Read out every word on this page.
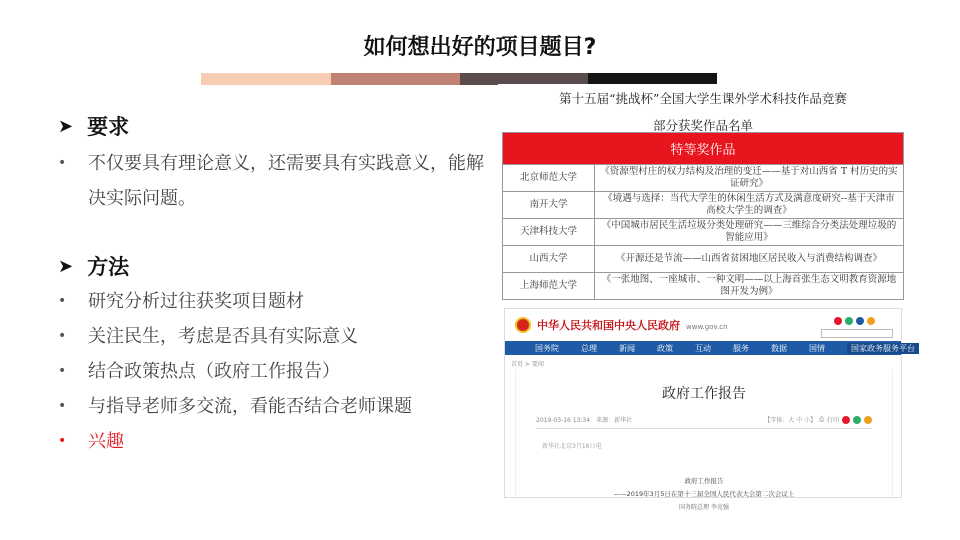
如何想出好的项目题目?
➤ 要求
• 不仅要具有理论意义，还需要具有实践意义，能解决实际问题。
➤ 方法
• 研究分析过往获奖项目题材
• 关注民生，考虑是否具有实际意义
• 结合政策热点（政府工作报告）
• 与指导老师多交流，看能否结合老师课题
• 兴趣
第十五届“挑战杯”全国大学生课外学术科技作品竞赛
部分获奖作品名单
特等奖作品	
北京师范大学	《资源型村庄的权力结构及治理的变迁——基于对山西省 T 村历史的实证研究》
南开大学	《境遇与选择：当代大学生的休闲生活方式及满意度研究--基于天津市高校大学生的调查》
天津科技大学	《中国城市居民生活垃圾分类处理研究——三维综合分类法处理垃圾的智能应用》
山西大学	《开源还是节流——山西省贫困地区居民收入与消费结构调查》
上海师范大学	《一张地图、一座城市、一种文明——以上海首张生态文明教育资源地图开发为例》
中华人民共和国中央人民政府 www.gov.cn
国务院	总理	新闻	政策	互动	服务	数据	国情	国家政务服务平台
首页 > 要闻
政府工作报告
2019-03-16 13:34　来源：新华社	【字体：大 中 小】 ⎙ 打印
新华社北京3月16日电
政府工作报告
——2019年3月5日在第十三届全国人民代表大会第二次会议上
国务院总理 李克强
